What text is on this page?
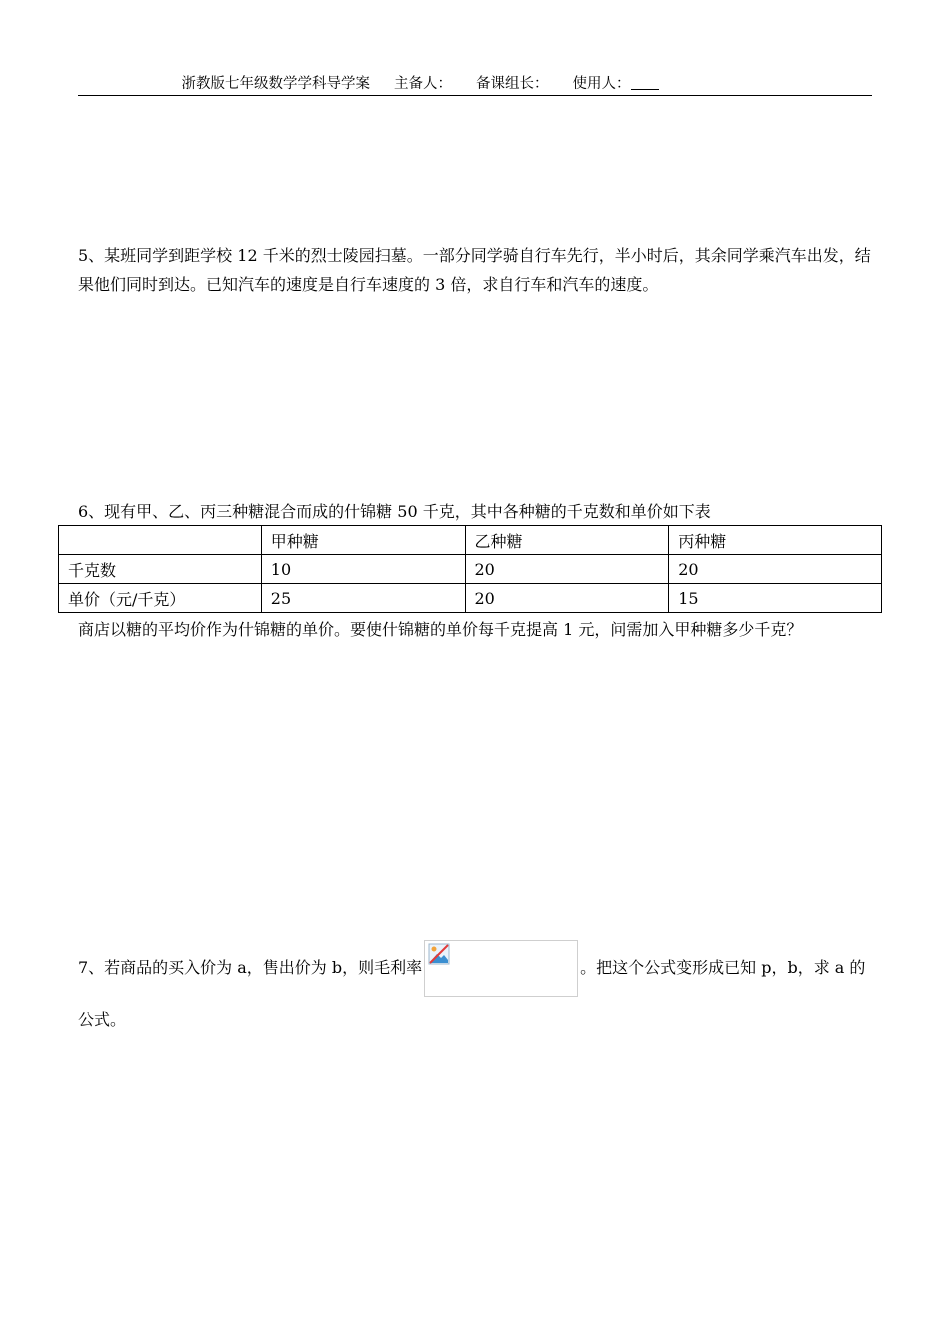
浙教版七年级数学学科导学案 主备人： 备课组长： 使用人：
5、某班同学到距学校 12 千米的烈士陵园扫墓。一部分同学骑自行车先行，半小时后，其余同学乘汽车出发，结果他们同时到达。已知汽车的速度是自行车速度的 3 倍，求自行车和汽车的速度。
6、现有甲、乙、丙三种糖混合而成的什锦糖 50 千克，其中各种糖的千克数和单价如下表
	甲种糖	乙种糖	丙种糖
千克数	10	20	20
单价（元/千克）	25	20	15
商店以糖的平均价作为什锦糖的单价。要使什锦糖的单价每千克提高 1 元，问需加入甲种糖多少千克？
7、若商品的买入价为 a，售出价为 b，则毛利率	。把这个公式变形成已知 p，b，求 a 的公式。
